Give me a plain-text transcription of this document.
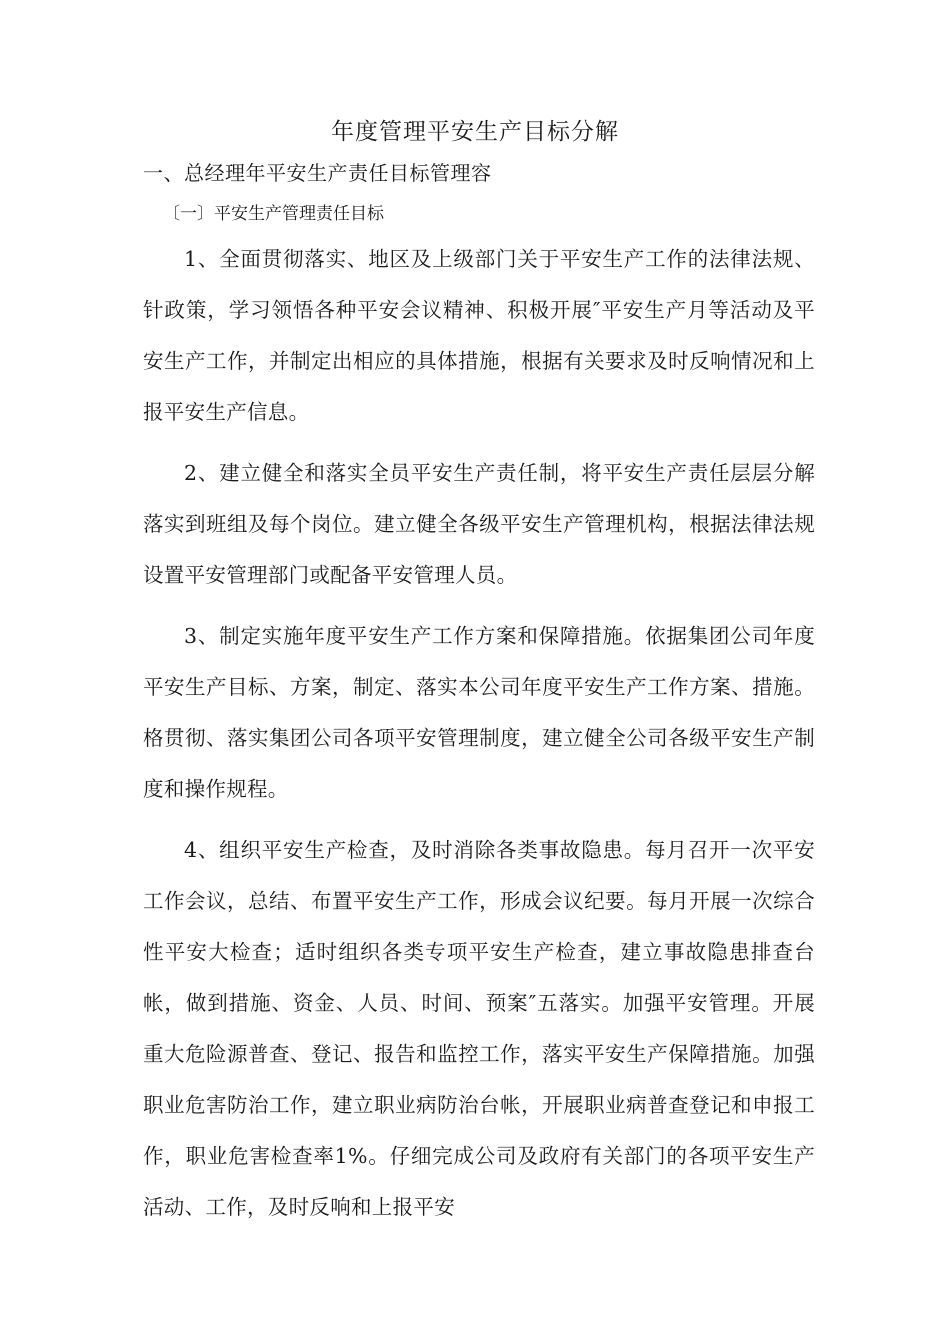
年度管理平安生产目标分解
一、总经理年平安生产责任目标管理容
〔一〕平安生产管理责任目标

1、全面贯彻落实、地区及上级部门关于平安生产工作的法律法规、针政策，学习领悟各种平安会议精神、积极开展″平安生产月等活动及平安生产工作，并制定出相应的具体措施，根据有关要求及时反响情况和上报平安生产信息。

2、建立健全和落实全员平安生产责任制，将平安生产责任层层分解落实到班组及每个岗位。建立健全各级平安生产管理机构，根据法律法规设置平安管理部门或配备平安管理人员。

3、制定实施年度平安生产工作方案和保障措施。依据集团公司年度平安生产目标、方案，制定、落实本公司年度平安生产工作方案、措施。格贯彻、落实集团公司各项平安管理制度，建立健全公司各级平安生产制度和操作规程。

4、组织平安生产检查，及时消除各类事故隐患。每月召开一次平安工作会议，总结、布置平安生产工作，形成会议纪要。每月开展一次综合性平安大检查；适时组织各类专项平安生产检查，建立事故隐患排查台帐，做到措施、资金、人员、时间、预案″五落实。加强平安管理。开展重大危险源普查、登记、报告和监控工作，落实平安生产保障措施。加强职业危害防治工作，建立职业病防治台帐，开展职业病普查登记和申报工作，职业危害检查率1%。仔细完成公司及政府有关部门的各项平安生产活动、工作，及时反响和上报平安
